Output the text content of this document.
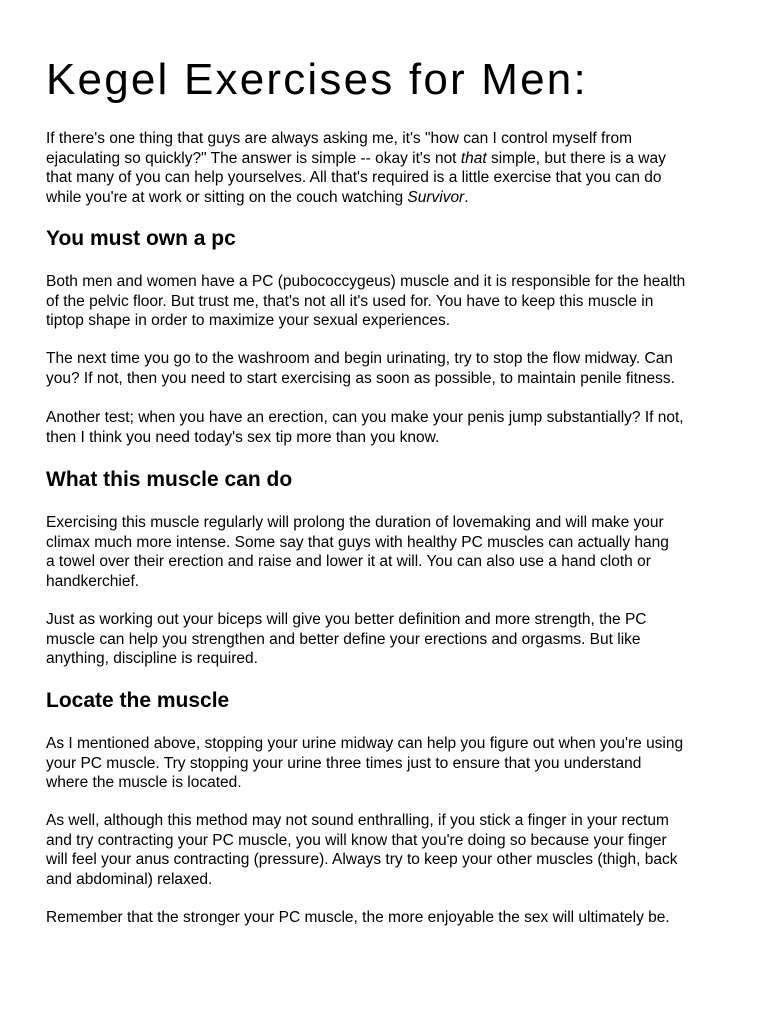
Kegel Exercises for Men:
If there's one thing that guys are always asking me, it's "how can I control myself from
ejaculating so quickly?" The answer is simple -- okay it's not that simple, but there is a way
that many of you can help yourselves. All that's required is a little exercise that you can do
while you're at work or sitting on the couch watching Survivor.
You must own a pc
Both men and women have a PC (pubococcygeus) muscle and it is responsible for the health
of the pelvic floor. But trust me, that's not all it's used for. You have to keep this muscle in
tiptop shape in order to maximize your sexual experiences.
The next time you go to the washroom and begin urinating, try to stop the flow midway. Can
you? If not, then you need to start exercising as soon as possible, to maintain penile fitness.
Another test; when you have an erection, can you make your penis jump substantially? If not,
then I think you need today's sex tip more than you know.
What this muscle can do
Exercising this muscle regularly will prolong the duration of lovemaking and will make your
climax much more intense. Some say that guys with healthy PC muscles can actually hang
a towel over their erection and raise and lower it at will. You can also use a hand cloth or
handkerchief.
Just as working out your biceps will give you better definition and more strength, the PC
muscle can help you strengthen and better define your erections and orgasms. But like
anything, discipline is required.
Locate the muscle
As I mentioned above, stopping your urine midway can help you figure out when you're using
your PC muscle. Try stopping your urine three times just to ensure that you understand
where the muscle is located.
As well, although this method may not sound enthralling, if you stick a finger in your rectum
and try contracting your PC muscle, you will know that you're doing so because your finger
will feel your anus contracting (pressure). Always try to keep your other muscles (thigh, back
and abdominal) relaxed.
Remember that the stronger your PC muscle, the more enjoyable the sex will ultimately be.
